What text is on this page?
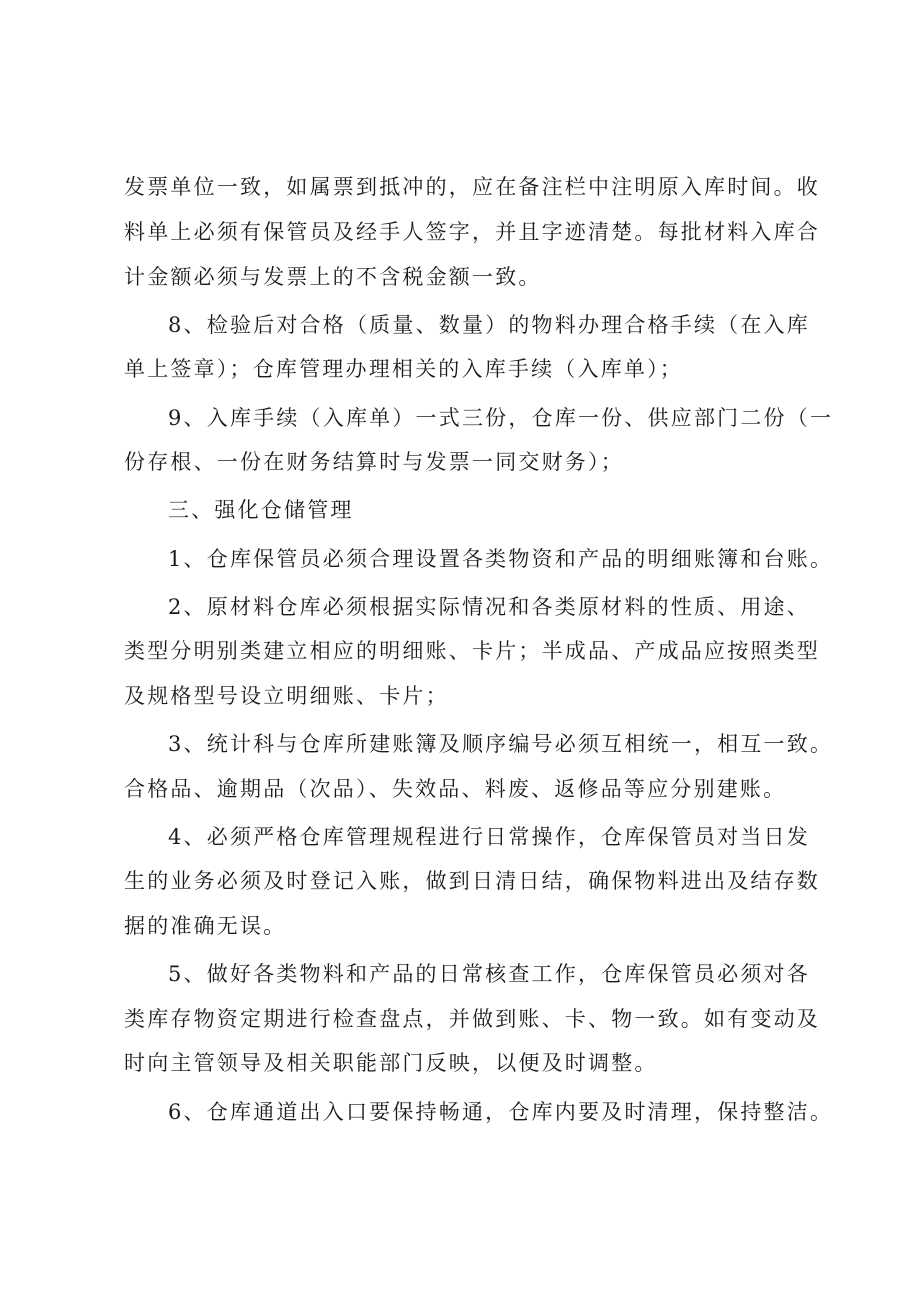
发票单位一致，如属票到抵冲的，应在备注栏中注明原入库时间。收

料单上必须有保管员及经手人签字，并且字迹清楚。每批材料入库合

计金额必须与发票上的不含税金额一致。

8、检验后对合格（质量、数量）的物料办理合格手续（在入库

单上签章）；仓库管理办理相关的入库手续（入库单）；

9、入库手续（入库单）一式三份，仓库一份、供应部门二份（一

份存根、一份在财务结算时与发票一同交财务）；

三、强化仓储管理

1、仓库保管员必须合理设置各类物资和产品的明细账簿和台账。

2、原材料仓库必须根据实际情况和各类原材料的性质、用途、

类型分明别类建立相应的明细账、卡片；半成品、产成品应按照类型

及规格型号设立明细账、卡片；

3、统计科与仓库所建账簿及顺序编号必须互相统一，相互一致。

合格品、逾期品（次品）、失效品、料废、返修品等应分别建账。

4、必须严格仓库管理规程进行日常操作，仓库保管员对当日发

生的业务必须及时登记入账，做到日清日结，确保物料进出及结存数

据的准确无误。

5、做好各类物料和产品的日常核查工作，仓库保管员必须对各

类库存物资定期进行检查盘点，并做到账、卡、物一致。如有变动及

时向主管领导及相关职能部门反映，以便及时调整。

6、仓库通道出入口要保持畅通，仓库内要及时清理，保持整洁。
